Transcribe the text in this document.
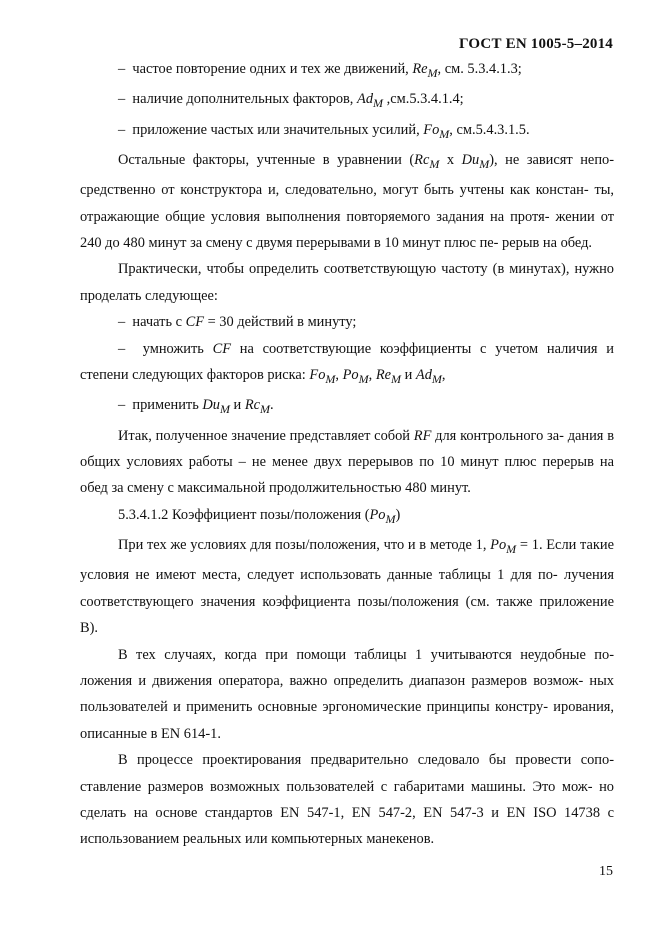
ГОСТ EN 1005-5–2014
– частое повторение одних и тех же движений, $Re_M$, см. 5.3.4.1.3;
– наличие дополнительных факторов, $Ad_M$ ,см.5.3.4.1.4;
– приложение частых или значительных усилий, $Fo_M$, см.5.4.3.1.5.

Остальные факторы, учтенные в уравнении ($Rc_M$ х $Du_M$), не зависят непо- средственно от конструктора и, следовательно, могут быть учтены как констан- ты, отражающие общие условия выполнения повторяемого задания на протя- жении от 240 до 480 минут за смену с двумя перерывами в 10 минут плюс пе- рерыв на обед.

Практически, чтобы определить соответствующую частоту (в минутах), нужно проделать следующее:

– начать с CF = 30 действий в минуту;

– умножить CF на соответствующие коэффициенты с учетом наличия и степени следующих факторов риска: $Fo_M$, $Po_M$, $Re_M$ и $Ad_M$,

– применить $Du_M$ и $Rc_M$.

Итак, полученное значение представляет собой RF для контрольного за- дания в общих условиях работы – не менее двух перерывов по 10 минут плюс перерыв на обед за смену с максимальной продолжительностью 480 минут.

5.3.4.1.2 Коэффициент позы/положения $(Po_M)$

При тех же условиях для позы/положения, что и в методе 1, $Po_M = 1$. Если такие условия не имеют места, следует использовать данные таблицы 1 для по- лучения соответствующего значения коэффициента позы/положения (см. также приложение В).

В тех случаях, когда при помощи таблицы 1 учитываются неудобные по- ложения и движения оператора, важно определить диапазон размеров возмож- ных пользователей и применить основные эргономические принципы констру- ирования, описанные в EN 614-1.

В процессе проектирования предварительно следовало бы провести сопо- ставление размеров возможных пользователей с габаритами машины. Это мож- но сделать на основе стандартов EN 547-1, EN 547-2, EN 547-3 и EN ISO 14738 с использованием реальных или компьютерных манекенов.

15
